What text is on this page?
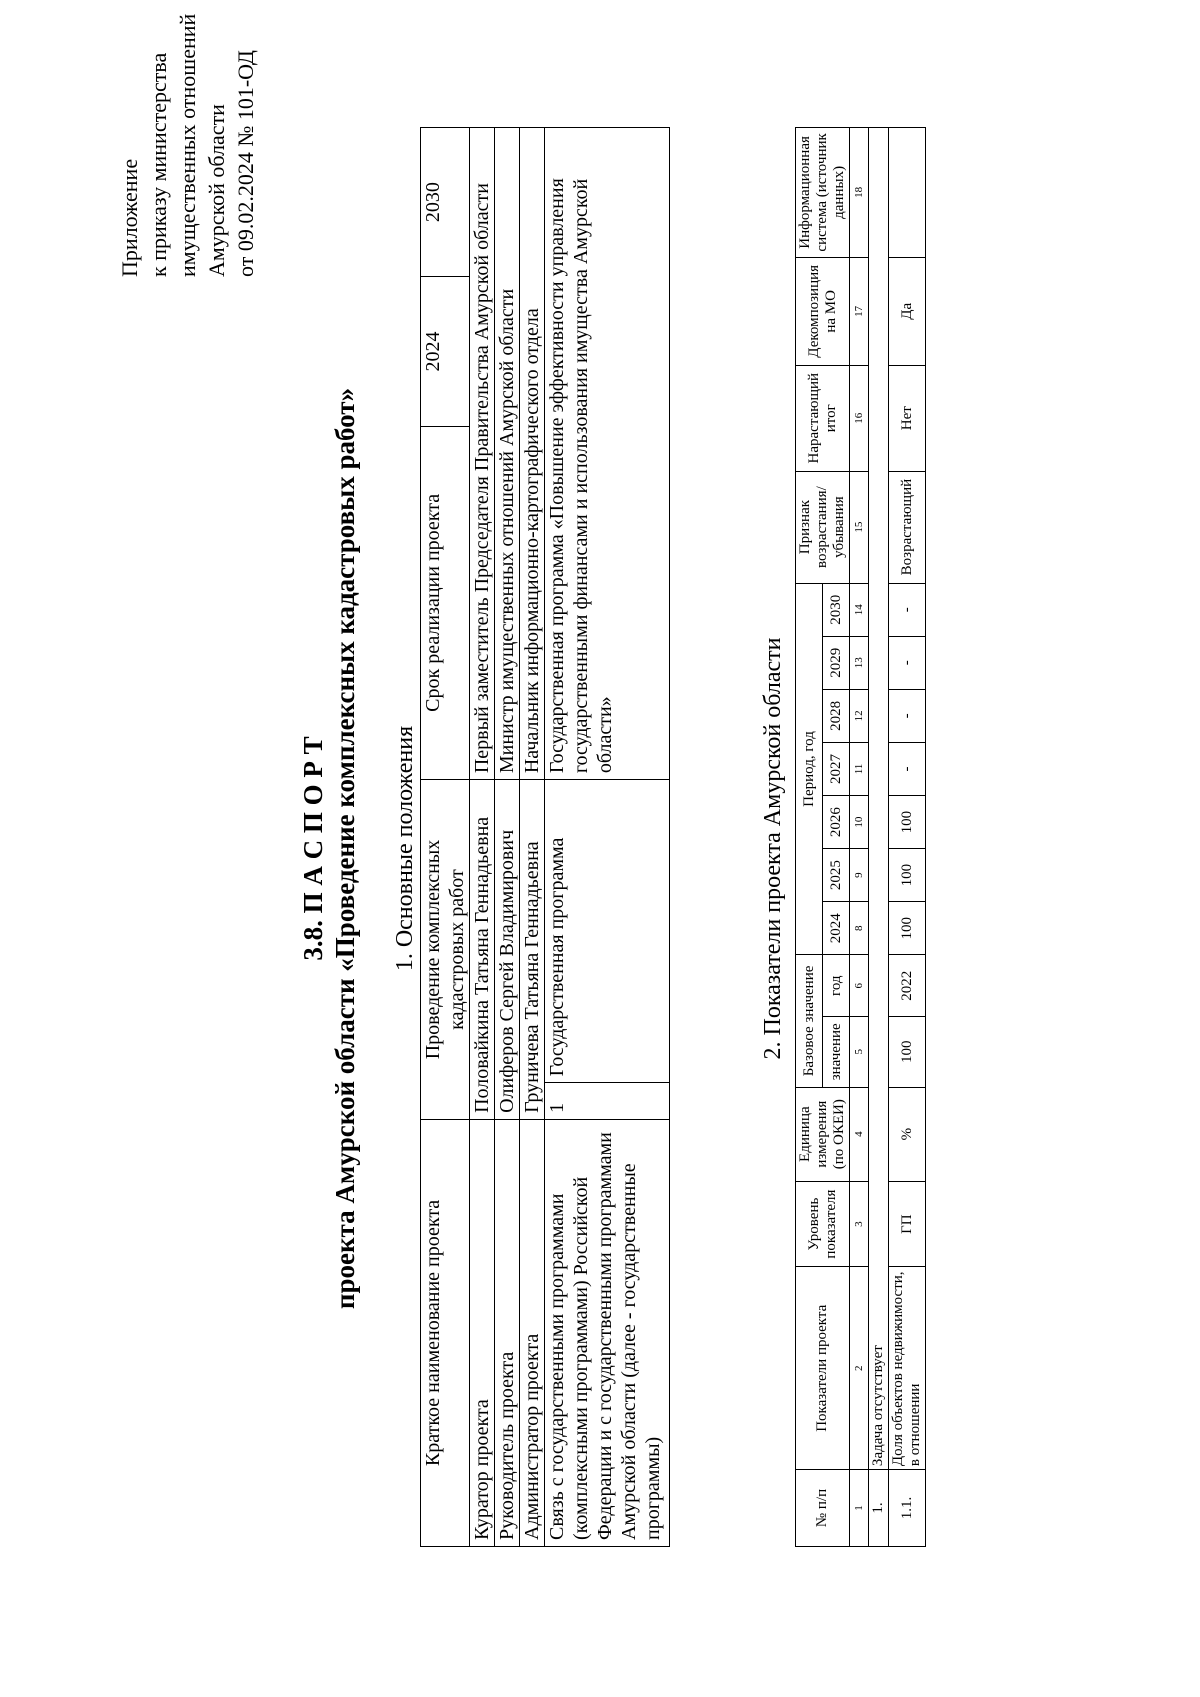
Приложение к приказу министерства имущественных отношений Амурской области от 09.02.2024 № 101-ОД
3.8. П А С П О Р Т проекта Амурской области «Проведение комплексных кадастровых работ» 1. Основные положения
Краткое наименование проекта	Проведение комплексных кадастровых работ		Срок реализации проекта	2024	2030
Куратор проекта	Половайкина Татьяна Геннадьевна		Первый заместитель Председателя Правительства Амурской области		
Руководитель проекта	Олиферов Сергей Владимирович		Министр имущественных отношений Амурской области		
Администратор проекта	Груничева Татьяна Геннадьевна		Начальник информационно-картографического отдела		
Связь с государственными программами (комплексными программами) Российской Федерации и с государственными программами Амурской области (далее - государственные программы)	1	Государственная программа	Государственная программа «Повышение эффективности управления государственными финансами и использования имущества Амурской области»			2. Показатели проекта Амурской области
№ п/п	Показатели проекта	Уровень показателя	Единица измерения (по ОКЕИ)	Базовое значение		Период, год							Признак возрастания/ убывания	Нарастающий итог	Декомпозиция на МО	Информационная система (источник данных)
				значение	год	2024	2025	2026	2027	2028	2029	2030				
1	2	3	4	5	6	8	9	10	11	12	13	14	15	16	17	18
1.	Задача отсутствует															
1.1.	Доля объектов недвижимости, в отношении	ГП	%	100	2022	100	100	100	-	-	-	-	Возрастающий	Нет	Да	
